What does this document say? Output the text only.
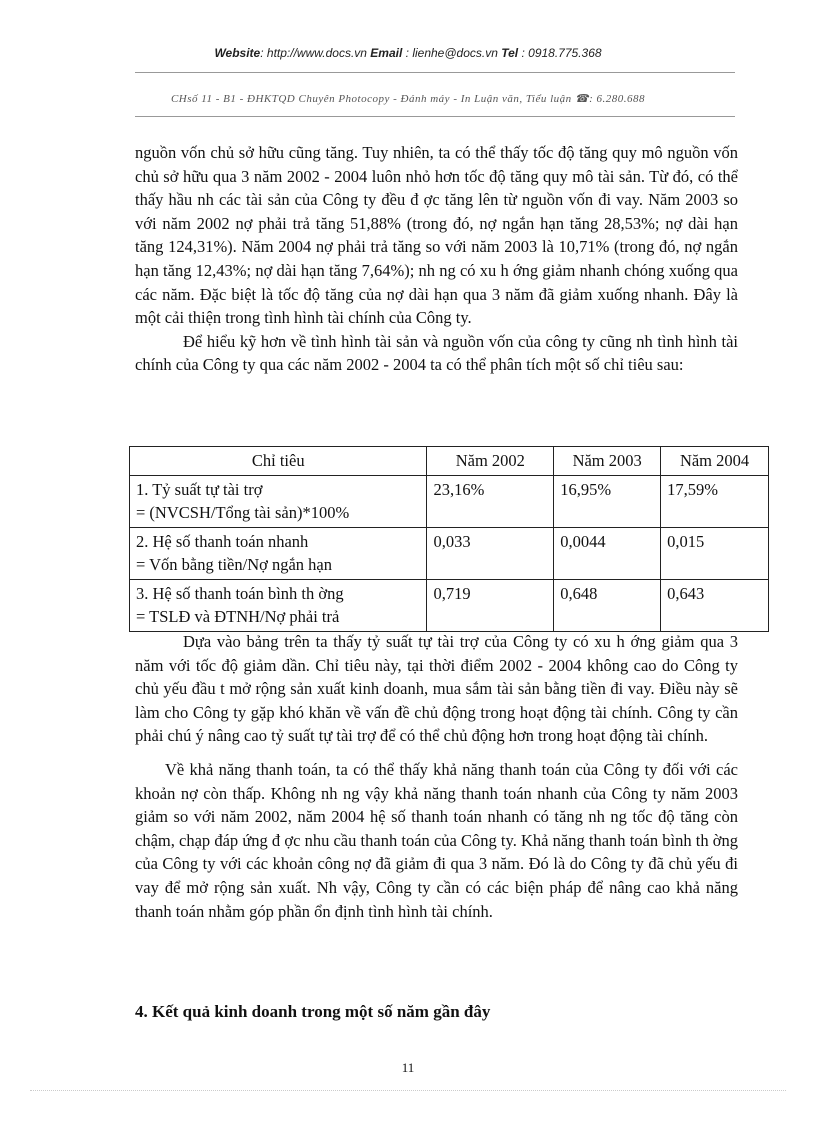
Website: http://www.docs.vn Email : lienhe@docs.vn Tel : 0918.775.368
CHsố 11 - B1 - ĐHKTQD Chuyên Photocopy - Đánh máy - In Luận văn, Tiểu luận ☎: 6.280.688

nguồn vốn chủ sở hữu cũng tăng. Tuy nhiên, ta có thể thấy tốc độ tăng quy mô nguồn vốn chủ sở hữu qua 3 năm 2002 - 2004 luôn nhỏ hơn tốc độ tăng quy mô tài sản. Từ đó, có thể thấy hầu nh các tài sản của Công ty đều đ ợc tăng lên từ nguồn vốn đi vay. Năm 2003 so với năm 2002 nợ phải trả tăng 51,88% (trong đó, nợ ngắn hạn tăng 28,53%; nợ dài hạn tăng 124,31%). Năm 2004 nợ phải trả tăng so với năm 2003 là 10,71% (trong đó, nợ ngắn hạn tăng 12,43%; nợ dài hạn tăng 7,64%); nh ng có xu h ớng giảm nhanh chóng xuống qua các năm. Đặc biệt là tốc độ tăng của nợ dài hạn qua 3 năm đã giảm xuống nhanh. Đây là một cải thiện trong tình hình tài chính của Công ty.

Để hiểu kỹ hơn về tình hình tài sản và nguồn vốn của công ty cũng nh tình hình tài chính của Công ty qua các năm 2002 - 2004 ta có thể phân tích một số chỉ tiêu sau:

Chỉ tiêu	Năm 2002	Năm 2003	Năm 2004

1. Tỷ suất tự tài trợ
= (NVCSH/Tổng tài sản)*100%	23,16%	16,95%	17,59%

2. Hệ số thanh toán nhanh
= Vốn bằng tiền/Nợ ngắn hạn	0,033	0,0044	0,015

3. Hệ số thanh toán bình th ờng
= TSLĐ và ĐTNH/Nợ phải trả	0,719	0,648	0,643

Dựa vào bảng trên ta thấy tỷ suất tự tài trợ của Công ty có xu h ớng giảm qua 3 năm với tốc độ giảm dần. Chỉ tiêu này, tại thời điểm 2002 - 2004 không cao do Công ty chủ yếu đầu t mở rộng sản xuất kinh doanh, mua sắm tài sản bằng tiền đi vay. Điều này sẽ làm cho Công ty gặp khó khăn về vấn đề chủ động trong hoạt động tài chính. Công ty cần phải chú ý nâng cao tỷ suất tự tài trợ để có thể chủ động hơn trong hoạt động tài chính.

Về khả năng thanh toán, ta có thể thấy khả năng thanh toán của Công ty đối với các khoản nợ còn thấp. Không nh ng vậy khả năng thanh toán nhanh của Công ty năm 2003 giảm so với năm 2002, năm 2004 hệ số thanh toán nhanh có tăng nh ng tốc độ tăng còn chậm, chạp đáp ứng đ ợc nhu cầu thanh toán của Công ty. Khả năng thanh toán bình th ờng của Công ty với các khoản công nợ đã giảm đi qua 3 năm. Đó là do Công ty đã chủ yếu đi vay để mở rộng sản xuất. Nh vậy, Công ty cần có các biện pháp để nâng cao khả năng thanh toán nhằm góp phần ổn định tình hình tài chính.

4. Kết quả kinh doanh trong một số năm gần đây
11
